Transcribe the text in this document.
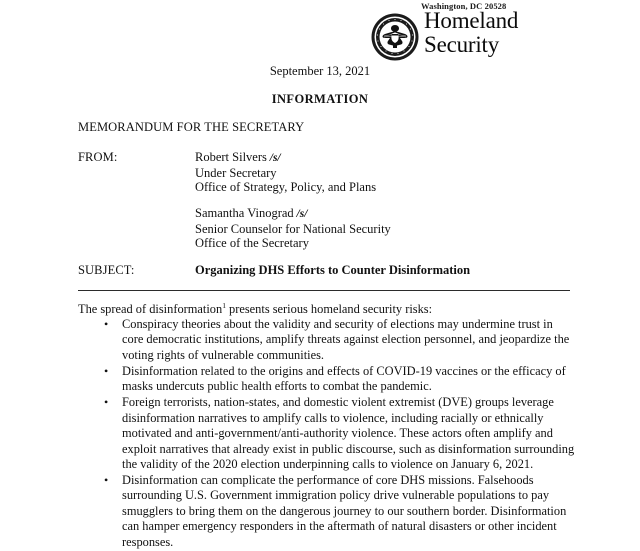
Washington, DC 20528
Homeland
Security
September 13, 2021
INFORMATION
MEMORANDUM FOR THE SECRETARY
FROM:	Robert Silvers /s/
Under Secretary
Office of Strategy, Policy, and Plans
Samantha Vinograd /s/
Senior Counselor for National Security
Office of the Secretary
SUBJECT:	Organizing DHS Efforts to Counter Disinformation
The spread of disinformation$^1$ presents serious homeland security risks:
• Conspiracy theories about the validity and security of elections may undermine trust in core democratic institutions, amplify threats against election personnel, and jeopardize the voting rights of vulnerable communities.
• Disinformation related to the origins and effects of COVID-19 vaccines or the efficacy of masks undercuts public health efforts to combat the pandemic.
• Foreign terrorists, nation-states, and domestic violent extremist (DVE) groups leverage disinformation narratives to amplify calls to violence, including racially or ethnically motivated and anti-government/anti-authority violence. These actors often amplify and exploit narratives that already exist in public discourse, such as disinformation surrounding the validity of the 2020 election underpinning calls to violence on January 6, 2021.
• Disinformation can complicate the performance of core DHS missions. Falsehoods surrounding U.S. Government immigration policy drive vulnerable populations to pay smugglers to bring them on the dangerous journey to our southern border. Disinformation can hamper emergency responders in the aftermath of natural disasters or other incident responses.
